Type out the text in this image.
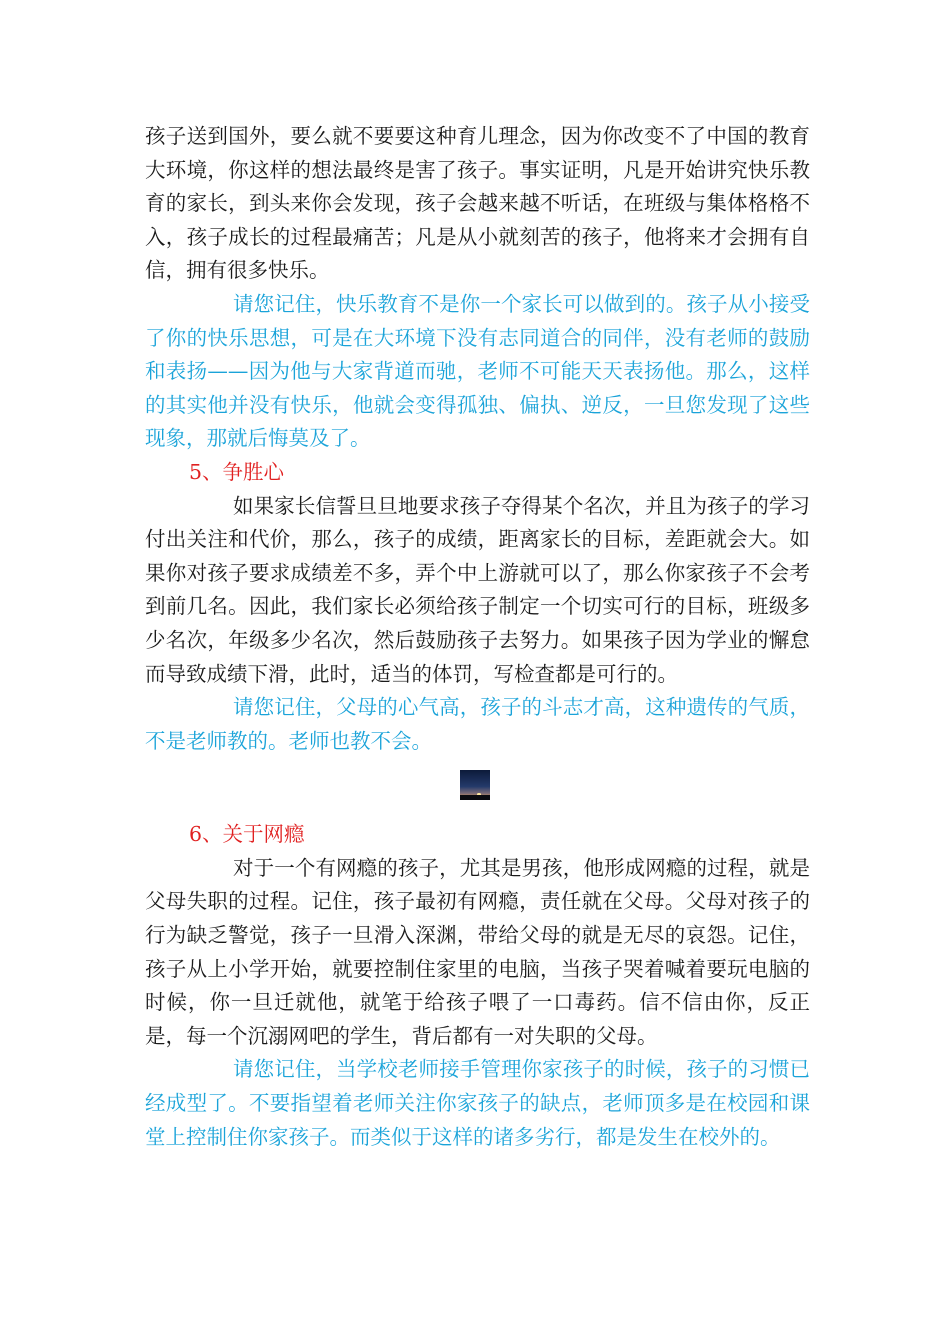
孩子送到国外，要么就不要要这种育儿理念，因为你改变不了中国的教育大环境，你这样的想法最终是害了孩子。事实证明，凡是开始讲究快乐教育的家长，到头来你会发现，孩子会越来越不听话，在班级与集体格格不入，孩子成长的过程最痛苦；凡是从小就刻苦的孩子，他将来才会拥有自信，拥有很多快乐。

请您记住，快乐教育不是你一个家长可以做到的。孩子从小接受了你的快乐思想，可是在大环境下没有志同道合的同伴，没有老师的鼓励和表扬——因为他与大家背道而驰，老师不可能天天表扬他。那么，这样的其实他并没有快乐，他就会变得孤独、偏执、逆反，一旦您发现了这些现象，那就后悔莫及了。

5、争胜心

如果家长信誓旦旦地要求孩子夺得某个名次，并且为孩子的学习付出关注和代价，那么，孩子的成绩，距离家长的目标，差距就会大。如果你对孩子要求成绩差不多，弄个中上游就可以了，那么你家孩子不会考到前几名。因此，我们家长必须给孩子制定一个切实可行的目标，班级多少名次，年级多少名次，然后鼓励孩子去努力。如果孩子因为学业的懈怠而导致成绩下滑，此时，适当的体罚，写检查都是可行的。

请您记住，父母的心气高，孩子的斗志才高，这种遗传的气质，不是老师教的。老师也教不会。

6、关于网瘾

对于一个有网瘾的孩子，尤其是男孩，他形成网瘾的过程，就是父母失职的过程。记住，孩子最初有网瘾，责任就在父母。父母对孩子的行为缺乏警觉，孩子一旦滑入深渊，带给父母的就是无尽的哀怨。记住，孩子从上小学开始，就要控制住家里的电脑，当孩子哭着喊着要玩电脑的时候，你一旦迁就他，就笔于给孩子喂了一口毒药。信不信由你，反正是，每一个沉溺网吧的学生，背后都有一对失职的父母。

请您记住，当学校老师接手管理你家孩子的时候，孩子的习惯已经成型了。不要指望着老师关注你家孩子的缺点，老师顶多是在校园和课堂上控制住你家孩子。而类似于这样的诸多劣行，都是发生在校外的。
